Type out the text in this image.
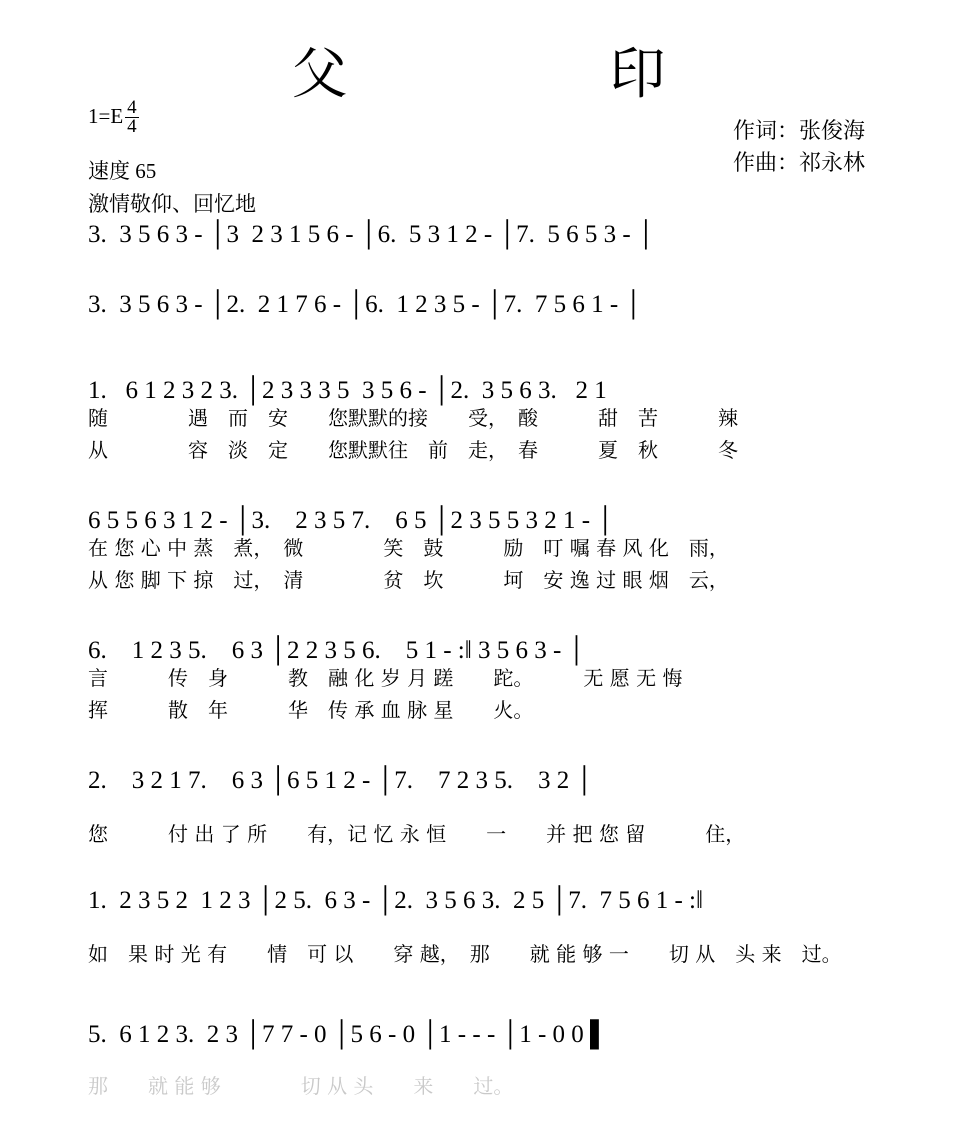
父　　印
$1=E \frac{4}{4}$
速度 65
激情敬仰、回忆地
作词：张俊海
作曲：祁永林
3.  3 5 6 3 - │3  2 3 1 5 6 - │6.  5 3 1 2 - │7.  5 6 5 3 - │
3.  3 5 6 3 - │2.  2 1 7 6 - │6.  1 2 3 5 - │7.  7 5 6 1 - │
1.   6 1 2 3 2 3. │2 3 3 3 5  3 5 6 - │2.  3 5 6 3.   2 1
随　　　　遇　而　安　　您默默的接　　受，　酸　　　甜　苦　　　辣
从　　　　容　淡　定　　您默默往　前　走，　春　　　夏　秋　　　冬
6 5 5 6 3 1 2 - │3.    2 3 5 7.    6 5 │2 3 5 5 3 2 1 - │
在 您 心 中 蒸　煮，　微　　　　笑　鼓　　　励　叮 嘱 春 风 化　雨，
从 您 脚 下 掠　过，　清　　　　贫　坎　　　坷　安 逸 过 眼 烟　云，
6.    1 2 3 5.    6 3 │2 2 3 5 6.    5 1 - :‖ 3 5 6 3 - │
言　　　传　身　　　教　融 化 岁 月 蹉　　跎。　　　无 愿 无 悔
挥　　　散　年　　　华　传 承 血 脉 星　　火。
2.    3 2 1 7.    6 3 │6 5 1 2 - │7.    7 2 3 5.    3 2 │
您　　　付 出 了 所　　有，记 忆 永 恒　　一　　并 把 您 留　　　住，
1.  2 3 5 2  1 2 3 │2 5.  6 3 - │2.  3 5 6 3.  2 5 │7.  7 5 6 1 - :‖
如　果 时 光 有　　情　可 以　　穿 越，　那　　就 能 够 一　　切 从　头 来　过。
5.  6 1 2 3.  2 3 │7 7 - 0 │5 6 - 0 │1 - - - │1 - 0 0 ▌
那　　就 能 够　　　　切 从 头　　来　　过。
